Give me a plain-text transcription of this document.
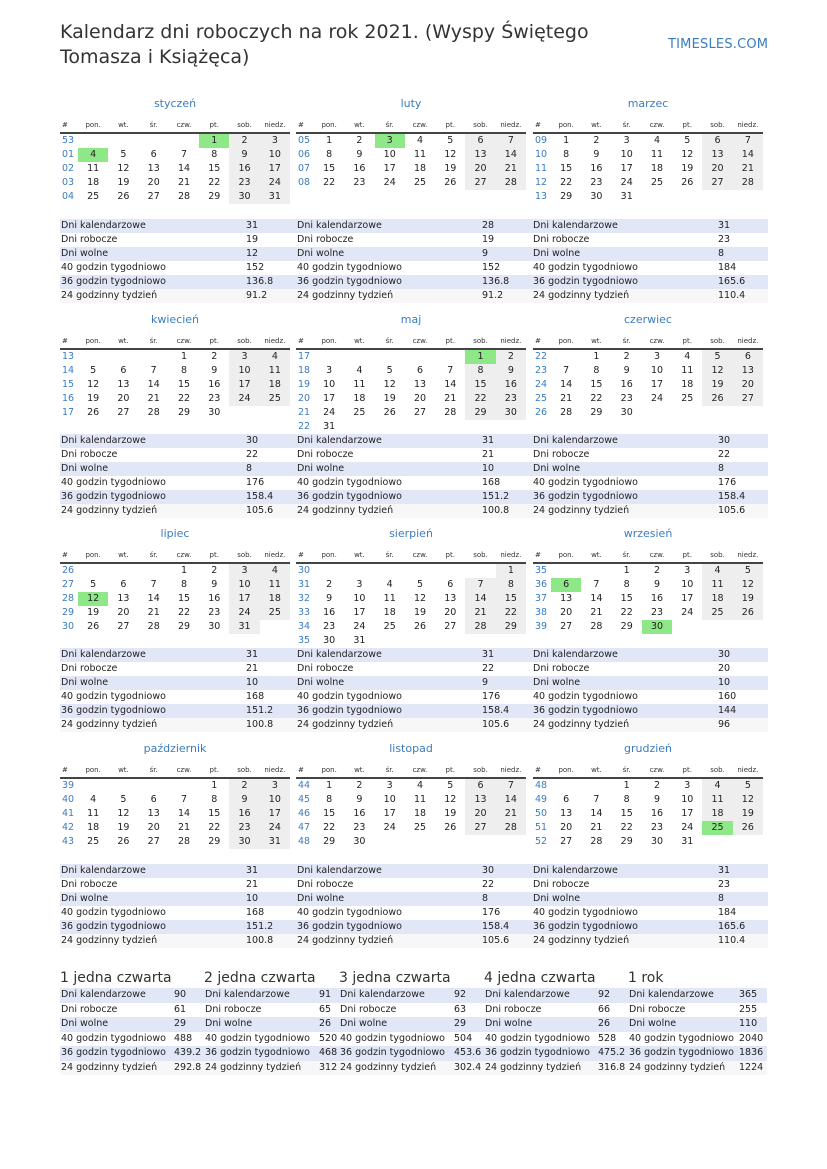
Kalendarz dni roboczych na rok 2021. (Wyspy Świętego Tomasza i Książęca)
TIMESLES.COM
styczeń
#	pon.	wt.	śr.	czw.	pt.	sob.	niedz.
53					1	2	3
01	4	5	6	7	8	9	10
02	11	12	13	14	15	16	17
03	18	19	20	21	22	23	24
04	25	26	27	28	29	30	31
Dni kalendarzowe	31
Dni robocze	19
Dni wolne	12
40 godzin tygodniowo	152
36 godzin tygodniowo	136.8
24 godzinny tydzień	91.2
luty
#	pon.	wt.	śr.	czw.	pt.	sob.	niedz.
05	1	2	3	4	5	6	7
06	8	9	10	11	12	13	14
07	15	16	17	18	19	20	21
08	22	23	24	25	26	27	28
Dni kalendarzowe	28
Dni robocze	19
Dni wolne	9
40 godzin tygodniowo	152
36 godzin tygodniowo	136.8
24 godzinny tydzień	91.2
marzec
#	pon.	wt.	śr.	czw.	pt.	sob.	niedz.
09	1	2	3	4	5	6	7
10	8	9	10	11	12	13	14
11	15	16	17	18	19	20	21
12	22	23	24	25	26	27	28
13	29	30	31				
Dni kalendarzowe	31
Dni robocze	23
Dni wolne	8
40 godzin tygodniowo	184
36 godzin tygodniowo	165.6
24 godzinny tydzień	110.4
kwiecień
#	pon.	wt.	śr.	czw.	pt.	sob.	niedz.
13				1	2	3	4
14	5	6	7	8	9	10	11
15	12	13	14	15	16	17	18
16	19	20	21	22	23	24	25
17	26	27	28	29	30		
Dni kalendarzowe	30
Dni robocze	22
Dni wolne	8
40 godzin tygodniowo	176
36 godzin tygodniowo	158.4
24 godzinny tydzień	105.6
maj
#	pon.	wt.	śr.	czw.	pt.	sob.	niedz.
17						1	2
18	3	4	5	6	7	8	9
19	10	11	12	13	14	15	16
20	17	18	19	20	21	22	23
21	24	25	26	27	28	29	30
22	31						
Dni kalendarzowe	31
Dni robocze	21
Dni wolne	10
40 godzin tygodniowo	168
36 godzin tygodniowo	151.2
24 godzinny tydzień	100.8
czerwiec
#	pon.	wt.	śr.	czw.	pt.	sob.	niedz.
22		1	2	3	4	5	6
23	7	8	9	10	11	12	13
24	14	15	16	17	18	19	20
25	21	22	23	24	25	26	27
26	28	29	30				
Dni kalendarzowe	30
Dni robocze	22
Dni wolne	8
40 godzin tygodniowo	176
36 godzin tygodniowo	158.4
24 godzinny tydzień	105.6
lipiec
#	pon.	wt.	śr.	czw.	pt.	sob.	niedz.
26				1	2	3	4
27	5	6	7	8	9	10	11
28	12	13	14	15	16	17	18
29	19	20	21	22	23	24	25
30	26	27	28	29	30	31	
Dni kalendarzowe	31
Dni robocze	21
Dni wolne	10
40 godzin tygodniowo	168
36 godzin tygodniowo	151.2
24 godzinny tydzień	100.8
sierpień
#	pon.	wt.	śr.	czw.	pt.	sob.	niedz.
30							1
31	2	3	4	5	6	7	8
32	9	10	11	12	13	14	15
33	16	17	18	19	20	21	22
34	23	24	25	26	27	28	29
35	30	31					
Dni kalendarzowe	31
Dni robocze	22
Dni wolne	9
40 godzin tygodniowo	176
36 godzin tygodniowo	158.4
24 godzinny tydzień	105.6
wrzesień
#	pon.	wt.	śr.	czw.	pt.	sob.	niedz.
35			1	2	3	4	5
36	6	7	8	9	10	11	12
37	13	14	15	16	17	18	19
38	20	21	22	23	24	25	26
39	27	28	29	30			
Dni kalendarzowe	30
Dni robocze	20
Dni wolne	10
40 godzin tygodniowo	160
36 godzin tygodniowo	144
24 godzinny tydzień	96
październik
#	pon.	wt.	śr.	czw.	pt.	sob.	niedz.
39					1	2	3
40	4	5	6	7	8	9	10
41	11	12	13	14	15	16	17
42	18	19	20	21	22	23	24
43	25	26	27	28	29	30	31
Dni kalendarzowe	31
Dni robocze	21
Dni wolne	10
40 godzin tygodniowo	168
36 godzin tygodniowo	151.2
24 godzinny tydzień	100.8
listopad
#	pon.	wt.	śr.	czw.	pt.	sob.	niedz.
44	1	2	3	4	5	6	7
45	8	9	10	11	12	13	14
46	15	16	17	18	19	20	21
47	22	23	24	25	26	27	28
48	29	30					
Dni kalendarzowe	30
Dni robocze	22
Dni wolne	8
40 godzin tygodniowo	176
36 godzin tygodniowo	158.4
24 godzinny tydzień	105.6
grudzień
#	pon.	wt.	śr.	czw.	pt.	sob.	niedz.
48			1	2	3	4	5
49	6	7	8	9	10	11	12
50	13	14	15	16	17	18	19
51	20	21	22	23	24	25	26
52	27	28	29	30	31		
Dni kalendarzowe	31
Dni robocze	23
Dni wolne	8
40 godzin tygodniowo	184
36 godzin tygodniowo	165.6
24 godzinny tydzień	110.4
1 jedna czwarta
Dni kalendarzowe	90
Dni robocze	61
Dni wolne	29
40 godzin tygodniowo	488
36 godzin tygodniowo	439.2
24 godzinny tydzień	292.8
2 jedna czwarta
Dni kalendarzowe	91
Dni robocze	65
Dni wolne	26
40 godzin tygodniowo	520
36 godzin tygodniowo	468
24 godzinny tydzień	312
3 jedna czwarta
Dni kalendarzowe	92
Dni robocze	63
Dni wolne	29
40 godzin tygodniowo	504
36 godzin tygodniowo	453.6
24 godzinny tydzień	302.4
4 jedna czwarta
Dni kalendarzowe	92
Dni robocze	66
Dni wolne	26
40 godzin tygodniowo	528
36 godzin tygodniowo	475.2
24 godzinny tydzień	316.8
1 rok
Dni kalendarzowe	365
Dni robocze	255
Dni wolne	110
40 godzin tygodniowo	2040
36 godzin tygodniowo	1836
24 godzinny tydzień	1224
